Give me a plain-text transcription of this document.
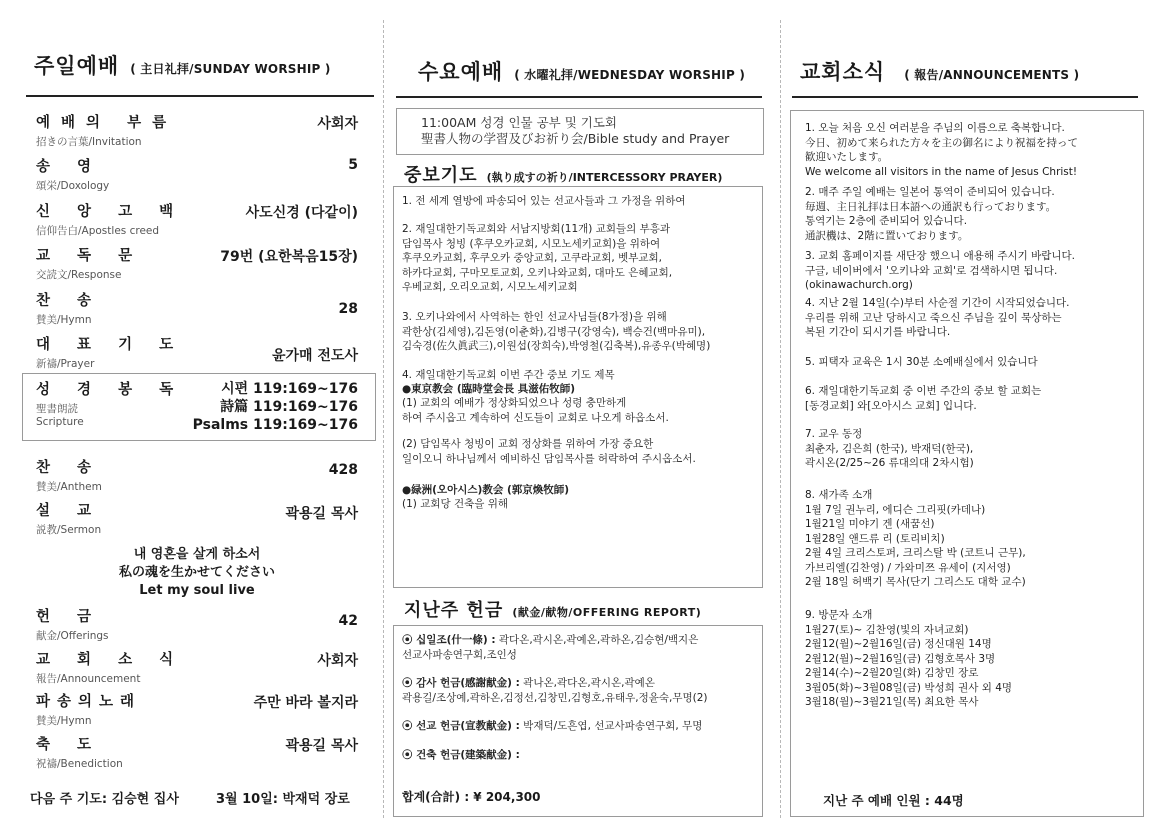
주일예배 ( 主日礼拝/SUNDAY WORSHIP )
예배의 부름
招きの言葉/Invitation
사회자
송 영
頌栄/Doxology
5
신 앙 고 백
信仰告白/Apostles creed
사도신경 (다같이)
교 독 문
交読文/Response
79번 (요한복음15장)
찬 송
賛美/Hymn
28
대 표 기 도
新禱/Prayer	윤가매 전도사
성 경 봉 독
聖書朗読
Scripture
시편 119:169~176
詩篇 119:169~176
Psalms 119:169~176
찬 송
賛美/Anthem
428
설 교
説教/Sermon
곽용길 목사
내 영혼을 살게 하소서
私の魂を生かせてください
Let my soul live
헌 금
献金/Offerings
42
교 회 소 식
報告/Announcement
사회자
파송의노래
賛美/Hymn
주만 바라 볼지라
축 도
祝禱/Benediction
곽용길 목사
다음 주 기도: 김승현 집사	3월 10일: 박재덕 장로
수요예배 ( 水曜礼拝/WEDNESDAY WORSHIP )
11:00AM 성경 인물 공부 및 기도회
聖書人物の学習及びお祈り会/Bible study and Prayer
중보기도 (執り成すの祈り/INTERCESSORY PRAYER)
1. 전 세계 열방에 파송되어 있는 선교사들과 그 가정을 위하여
2. 재일대한기독교회와 서남지방회(11개) 교회들의 부흥과
담임목사 청빙 (후쿠오카교회, 시모노세키교회)을 위하여
후쿠오카교회, 후쿠오카 중앙교회, 고쿠라교회, 벳부교회,
하카다교회, 구마모토교회, 오키나와교회, 대마도 은혜교회,
우베교회, 오리오교회, 시모노세키교회
3. 오키나와에서 사역하는 한인 선교사님들(8가정)을 위해
곽한상(김세영),김돈영(이춘화),김병구(강영숙), 백승건(백마유미),
김숙경(佐久眞武三),이원섭(장희숙),박영철(김축복),유종우(박혜명)
4. 재일대한기독교회 이번 주간 중보 기도 제목
●東京教会 (臨時堂会長 具滋佑牧師)
(1) 교회의 예배가 정상화되었으나 성령 충만하게
하여 주시옵고 계속하여 신도들이 교회로 나오게 하옵소서.
(2) 담임목사 청빙이 교회 정상화를 위하여 가장 중요한
일이오니 하나님께서 예비하신 담임목사를 허락하여 주시옵소서.
●緑洲(오아시스)教会 (郭京煥牧師)
(1) 교회당 건축을 위해
지난주 헌금 (献金/献物/OFFERING REPORT)
⦿ 십일조(什一條) : 곽다온,곽시온,곽예온,곽하온,김승현/백지은
선교사파송연구회,조인성
⦿ 감사 헌금(感謝献金) : 곽나온,곽다온,곽시온,곽예온
곽용길/조상예,곽하온,김정선,김창민,김형호,유태우,정윤숙,무명(2)
⦿ 선교 헌금(宣教献金) : 박재덕/도흔엽, 선교사파송연구회, 무명
⦿ 건축 헌금(建築献金) :
합계(合計) : ¥ 204,300
교회소식 ( 報告/ANNOUNCEMENTS )
1. 오늘 처음 오신 여러분을 주님의 이름으로 축복합니다.
今日、初めて来られた方々を主の御名により祝福を持って
歓迎いたします。
We welcome all visitors in the name of Jesus Christ!
2. 매주 주일 예배는 일본어 통역이 준비되어 있습니다.
毎週、主日礼拝は日本語への通訳も行っております。
통역기는 2층에 준비되어 있습니다.
通訳機は、2階に置いております。
3. 교회 홈페이지를 새단장 했으니 애용해 주시기 바랍니다.
구글, 네이버에서 '오키나와 교회'로 검색하시면 됩니다.
(okinawachurch.org)
4. 지난 2월 14일(수)부터 사순절 기간이 시작되었습니다.
우리를 위해 고난 당하시고 죽으신 주님을 깊이 묵상하는
복된 기간이 되시기를 바랍니다.
5. 피택자 교육은 1시 30분 소예배실에서 있습니다
6. 재일대한기독교회 중 이번 주간의 중보 할 교회는
[동경교회] 와[오아시스 교회] 입니다.
7. 교우 동정
최춘자, 김은희 (한국), 박재덕(한국),
곽시온(2/25~26 류대의대 2차시험)
8. 새가족 소개
1월 7일 권누리, 에디슨 그리핏(카데나)
1월21일 미야기 겐 (새꿈선)
1월28일 앤드류 리 (토리비치)
2월 4일 크리스토퍼, 크리스탈 박 (코트니 근무),
가브리엘(김찬영) / 가와미쯔 유세이 (지서영)
2월 18일 허백기 목사(단기 그리스도 대학 교수)
9. 방문자 소개
1월27(토)~ 김찬영(빛의 자녀교회)
2월12(월)~2월16일(금) 정신대원 14명
2월12(월)~2월16일(금) 김형호목사 3명
2월14(수)~2월20일(화) 김창민 장로
3월05(화)~3월08일(금) 박성희 권사 외 4명
3월18(월)~3월21일(목) 최요한 목사
지난 주 예배 인원 : 44명
